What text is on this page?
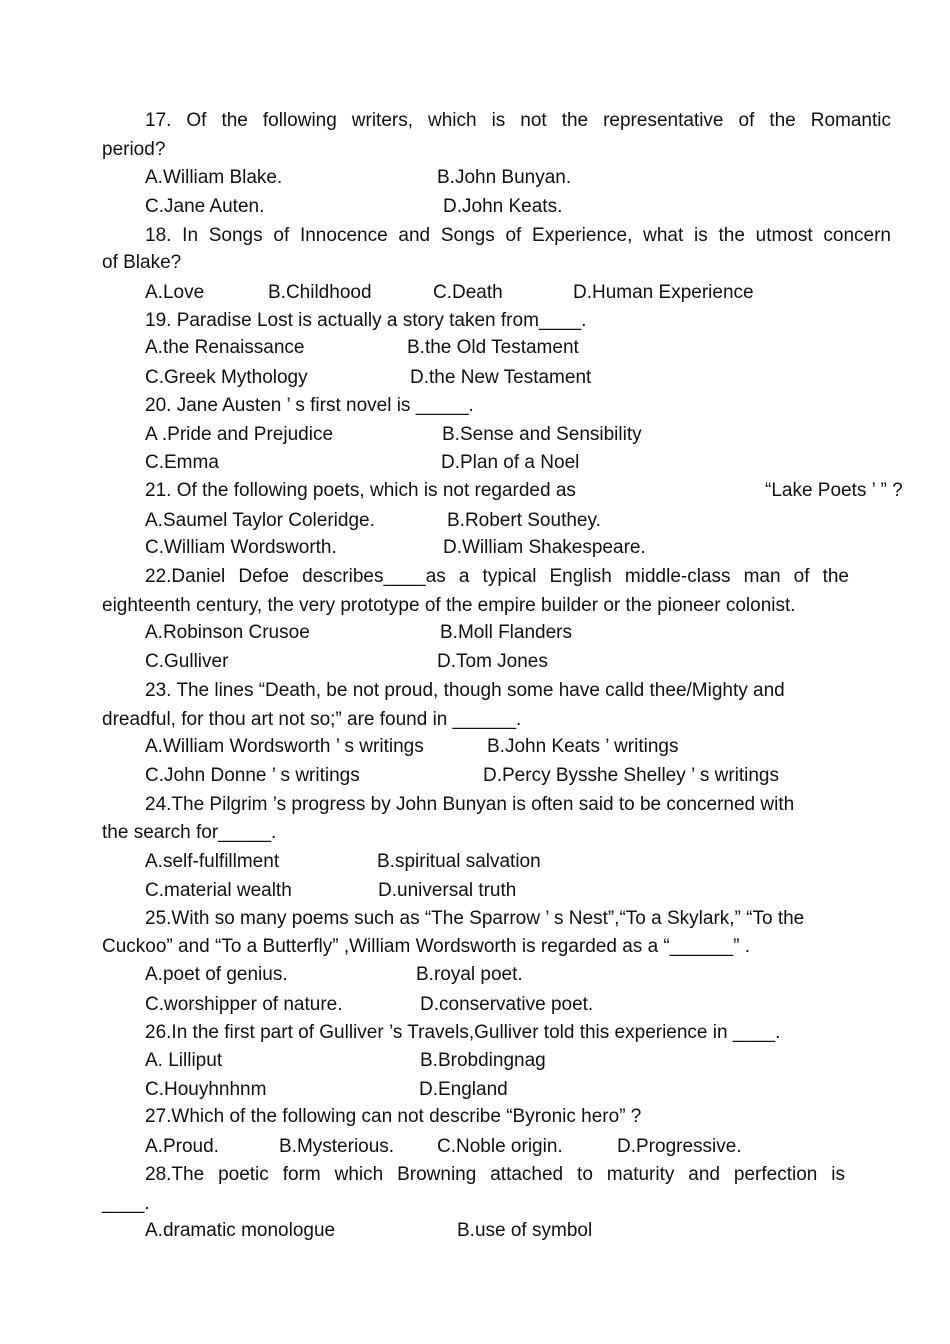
17. Of the following writers, which is not the representative of the Romantic
period?
A.William Blake.	B.John Bunyan.
C.Jane Auten.	D.John Keats.
18. In Songs of Innocence and Songs of Experience, what is the utmost concern
of Blake?
A.Love	B.Childhood	C.Death	D.Human Experience
19. Paradise Lost is actually a story taken from____.
A.the Renaissance	B.the Old Testament
C.Greek Mythology	D.the New Testament
20. Jane Austen ’ s first novel is _____.
A .Pride and Prejudice	B.Sense and Sensibility
C.Emma	D.Plan of a Noel
21. Of the following poets, which is not regarded as	“Lake Poets ’ ” ?
A.Saumel Taylor Coleridge.	B.Robert Southey.
C.William Wordsworth.	D.William Shakespeare.
22.Daniel Defoe describes____as a typical English middle-class man of the
eighteenth century, the very prototype of the empire builder or the pioneer colonist.
A.Robinson Crusoe	B.Moll Flanders
C.Gulliver	D.Tom Jones
23. The lines “Death, be not proud, though some have calld thee/Mighty and
dreadful, for thou art not so;” are found in ______.
A.William Wordsworth ’ s writings	B.John Keats ’ writings
C.John Donne ’ s writings	D.Percy Bysshe Shelley ’ s writings
24.The Pilgrim ’s progress by John Bunyan is often said to be concerned with
the search for_____.
A.self-fulfillment	B.spiritual salvation
C.material wealth	D.universal truth
25.With so many poems such as “The Sparrow ’ s Nest”,“To a Skylark,” “To the
Cuckoo” and “To a Butterfly” ,William Wordsworth is regarded as a “______” .
A.poet of genius.	B.royal poet.
C.worshipper of nature.	D.conservative poet.
26.In the first part of Gulliver ’s Travels,Gulliver told this experience in ____.
A. Lilliput	B.Brobdingnag
C.Houyhnhnm	D.England
27.Which of the following can not describe “Byronic hero” ?
A.Proud.	B.Mysterious. C.Noble origin.	D.Progressive.
28.The poetic form which Browning attached to maturity and perfection is
____.
A.dramatic monologue	B.use of symbol
